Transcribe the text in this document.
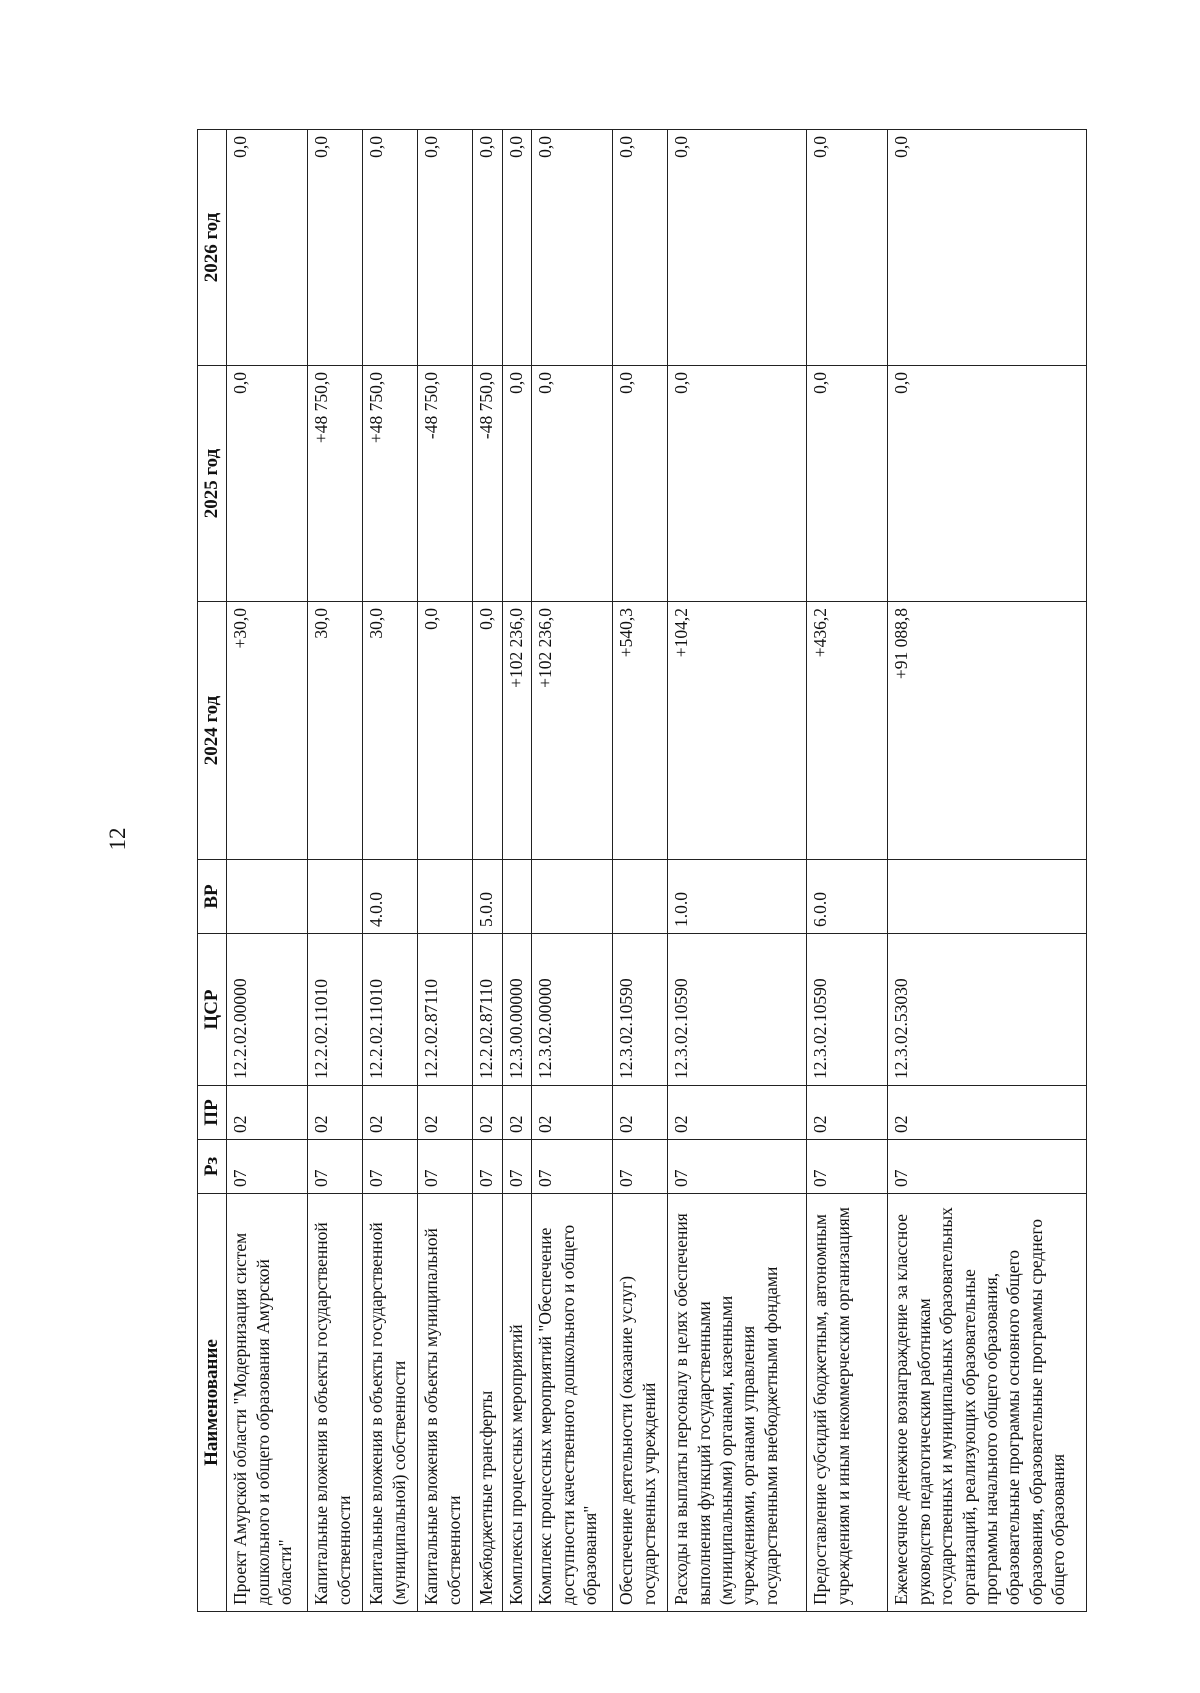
12
Наименование	Рз	ПР	ЦСР	ВР	2024 год	2025 год	2026 год
Проект Амурской области "Модернизация систем дошкольного и общего образования Амурской области"	07	02	12.2.02.00000		+30,0	0,0	0,0
Капитальные вложения в объекты государственной собственности	07	02	12.2.02.11010		30,0	+48 750,0	0,0
Капитальные вложения в объекты государственной (муниципальной) собственности	07	02	12.2.02.11010	4.0.0	30,0	+48 750,0	0,0
Капитальные вложения в объекты муниципальной собственности	07	02	12.2.02.87110		0,0	-48 750,0	0,0
Межбюджетные трансферты	07	02	12.2.02.87110	5.0.0	0,0	-48 750,0	0,0
Комплексы процессных мероприятий	07	02	12.3.00.00000		+102 236,0	0,0	0,0
Комплекс процессных мероприятий "Обеспечение доступности качественного дошкольного и общего образования"	07	02	12.3.02.00000		+102 236,0	0,0	0,0
Обеспечение деятельности (оказание услуг) государственных учреждений	07	02	12.3.02.10590		+540,3	0,0	0,0
Расходы на выплаты персоналу в целях обеспечения выполнения функций государственными (муниципальными) органами, казенными учреждениями, органами управления государственными внебюджетными фондами	07	02	12.3.02.10590	1.0.0	+104,2	0,0	0,0
Предоставление субсидий бюджетным, автономным учреждениям и иным некоммерческим организациям	07	02	12.3.02.10590	6.0.0	+436,2	0,0	0,0
Ежемесячное денежное вознаграждение за классное руководство педагогическим работникам государственных и муниципальных образовательных организаций, реализующих образовательные программы начального общего образования, образовательные программы основного общего образования, образовательные программы среднего общего образования	07	02	12.3.02.53030		+91 088,8	0,0	0,0
